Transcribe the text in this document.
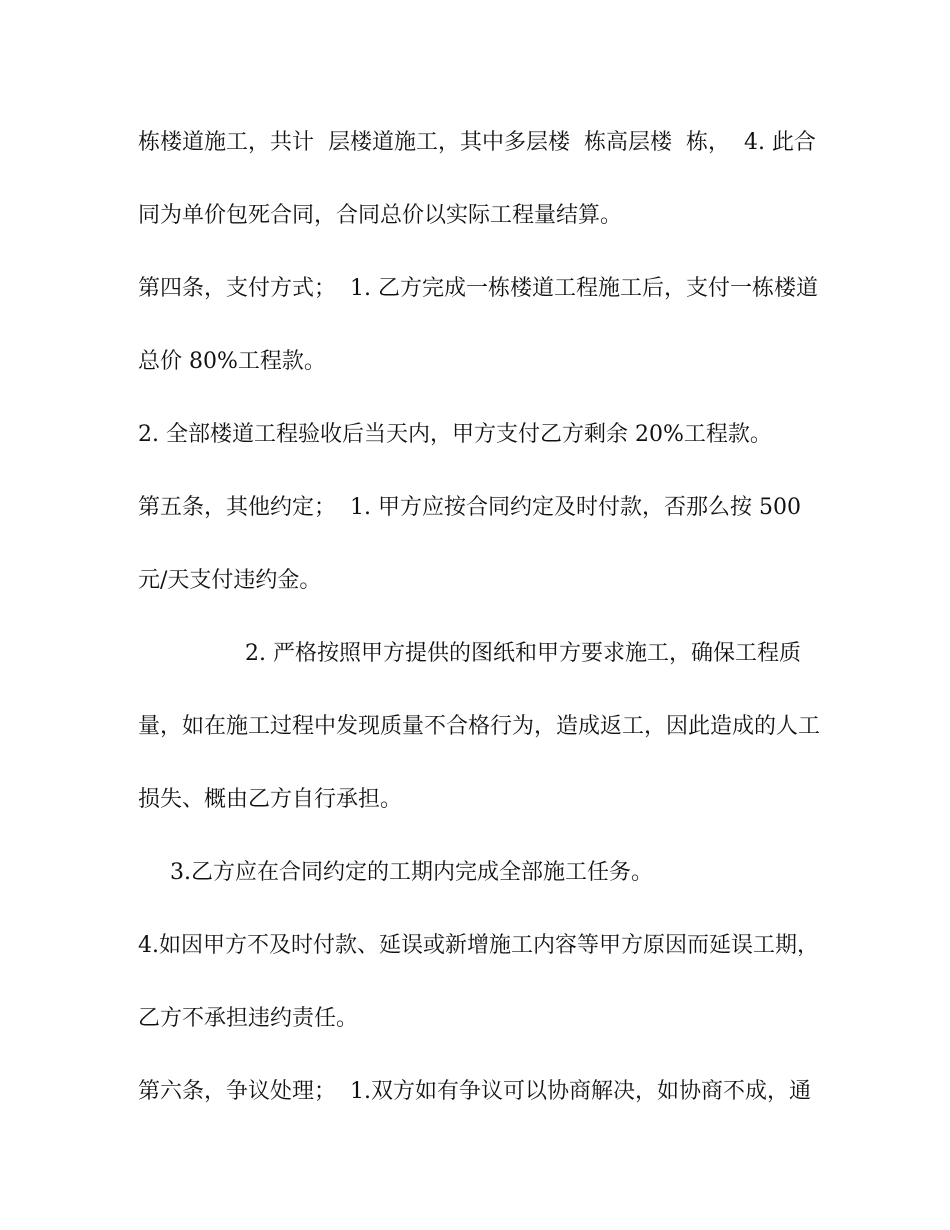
栋楼道施工，共计  层楼道施工，其中多层楼  栋高层楼  栋，  4. 此合
同为单价包死合同，合同总价以实际工程量结算。
第四条，支付方式；  1. 乙方完成一栋楼道工程施工后，支付一栋楼道
总价 80%工程款。
2. 全部楼道工程验收后当天内，甲方支付乙方剩余 20%工程款。
第五条，其他约定；  1. 甲方应按合同约定及时付款，否那么按 500
元/天支付违约金。
2. 严格按照甲方提供的图纸和甲方要求施工，确保工程质
量，如在施工过程中发现质量不合格行为，造成返工，因此造成的人工
损失、概由乙方自行承担。
3.乙方应在合同约定的工期内完成全部施工任务。
4.如因甲方不及时付款、延误或新增施工内容等甲方原因而延误工期，
乙方不承担违约责任。
第六条，争议处理；  1.双方如有争议可以协商解决，如协商不成，通
